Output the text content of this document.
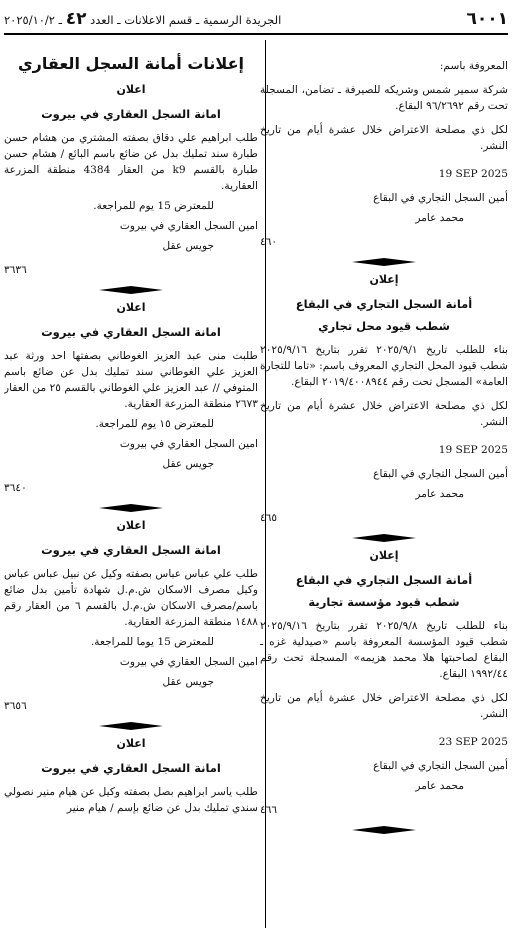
٦٠٠١
الجريدة الرسمية ـ قسم الاعلانات ـ العدد ٤٢ ـ ٢٠٢٥/١٠/٢

المعروفة باسم:

شركة سمير شمس وشريكه للصيرفة ـ تضامن، المسجلة تحت رقم ٩٦/٢٦٩٢ البقاع.

لكل ذي مصلحة الاعتراض خلال عشرة أيام من تاريخ النشر.

19 SEP 2025
أمين السجل التجاري في البقاع
محمد عامر
٤٦٠
إعلان
أمانة السجل التجاري في البقاع
شطب قيود محل تجاري

بناء للطلب تاريخ ٢٠٢٥/٩/١ تقرر بتاريخ ٢٠٢٥/٩/١٦ شطب قيود المحل التجاري المعروف باسم: «تاما للتجارة العامة» المسجل تحت رقم ٢٠١٩/٤٠٠٨٩٤٤ البقاع.

لكل ذي مصلحة الاعتراض خلال عشرة أيام من تاريخ النشر.

19 SEP 2025
أمين السجل التجاري في البقاع
محمد عامر
٤٦٥
إعلان
أمانة السجل التجاري في البقاع
شطب قيود مؤسسة تجارية

بناء للطلب تاريخ ٢٠٢٥/٩/٨ تقرر بتاريخ ٢٠٢٥/٩/١٦ شطب قيود المؤسسة المعروفة باسم «صيدلية غزه ـ البقاع لصاحبتها هلا محمد هزيمه» المسجلة تحت رقم ١٩٩٢/٤٤ البقاع.

لكل ذي مصلحة الاعتراض خلال عشرة أيام من تاريخ النشر.

23 SEP 2025
أمين السجل التجاري في البقاع
محمد عامر
٤٦٦
إعلانات أمانة السجل العقاري
اعلان
امانة السجل العقاري في بيروت

طلب ابراهيم علي دقاق بصفته المشتري من هشام حسن طبارة سند تمليك بدل عن ضائع باسم البائع / هشام حسن طبارة بالقسم k9 من العقار 4384 منطقة المزرعة العقارية.

للمعترض 15 يوم للمراجعة.

امين السجل العقاري في بيروت
جويس عقل
٣٦٣٦
اعلان
امانة السجل العقاري في بيروت

طلبت منى عبد العزيز الغوطاني بصفتها احد ورثة عبد العزيز علي الغوطاني سند تمليك بدل عن ضائع باسم المتوفي // عبد العزيز علي الغوطاني بالقسم ٢٥ من العقار ٢٦٧٣ منطقة المزرعة العقارية.

للمعترض ١٥ يوم للمراجعة.

امين السجل العقاري في بيروت
جويس عقل
٣٦٤٠
اعلان
امانة السجل العقاري في بيروت

طلب علي عباس عباس بصفته وكيل عن نبيل عباس عباس وكيل مصرف الاسكان ش.م.ل شهادة تأمين بدل ضائع باسم/مصرف الاسكان ش.م.ل بالقسم ٦ من العقار رقم ١٤٨٨ منطقة المزرعة العقارية.

للمعترض 15 يوما للمراجعة.

امين السجل العقاري في بيروت
جويس عقل
٣٦٥٦
اعلان
امانة السجل العقاري في بيروت

طلب ياسر ابراهيم بصل بصفته وكيل عن هيام منير نصولي سندي تمليك بدل عن ضائع بإسم / هيام منير
